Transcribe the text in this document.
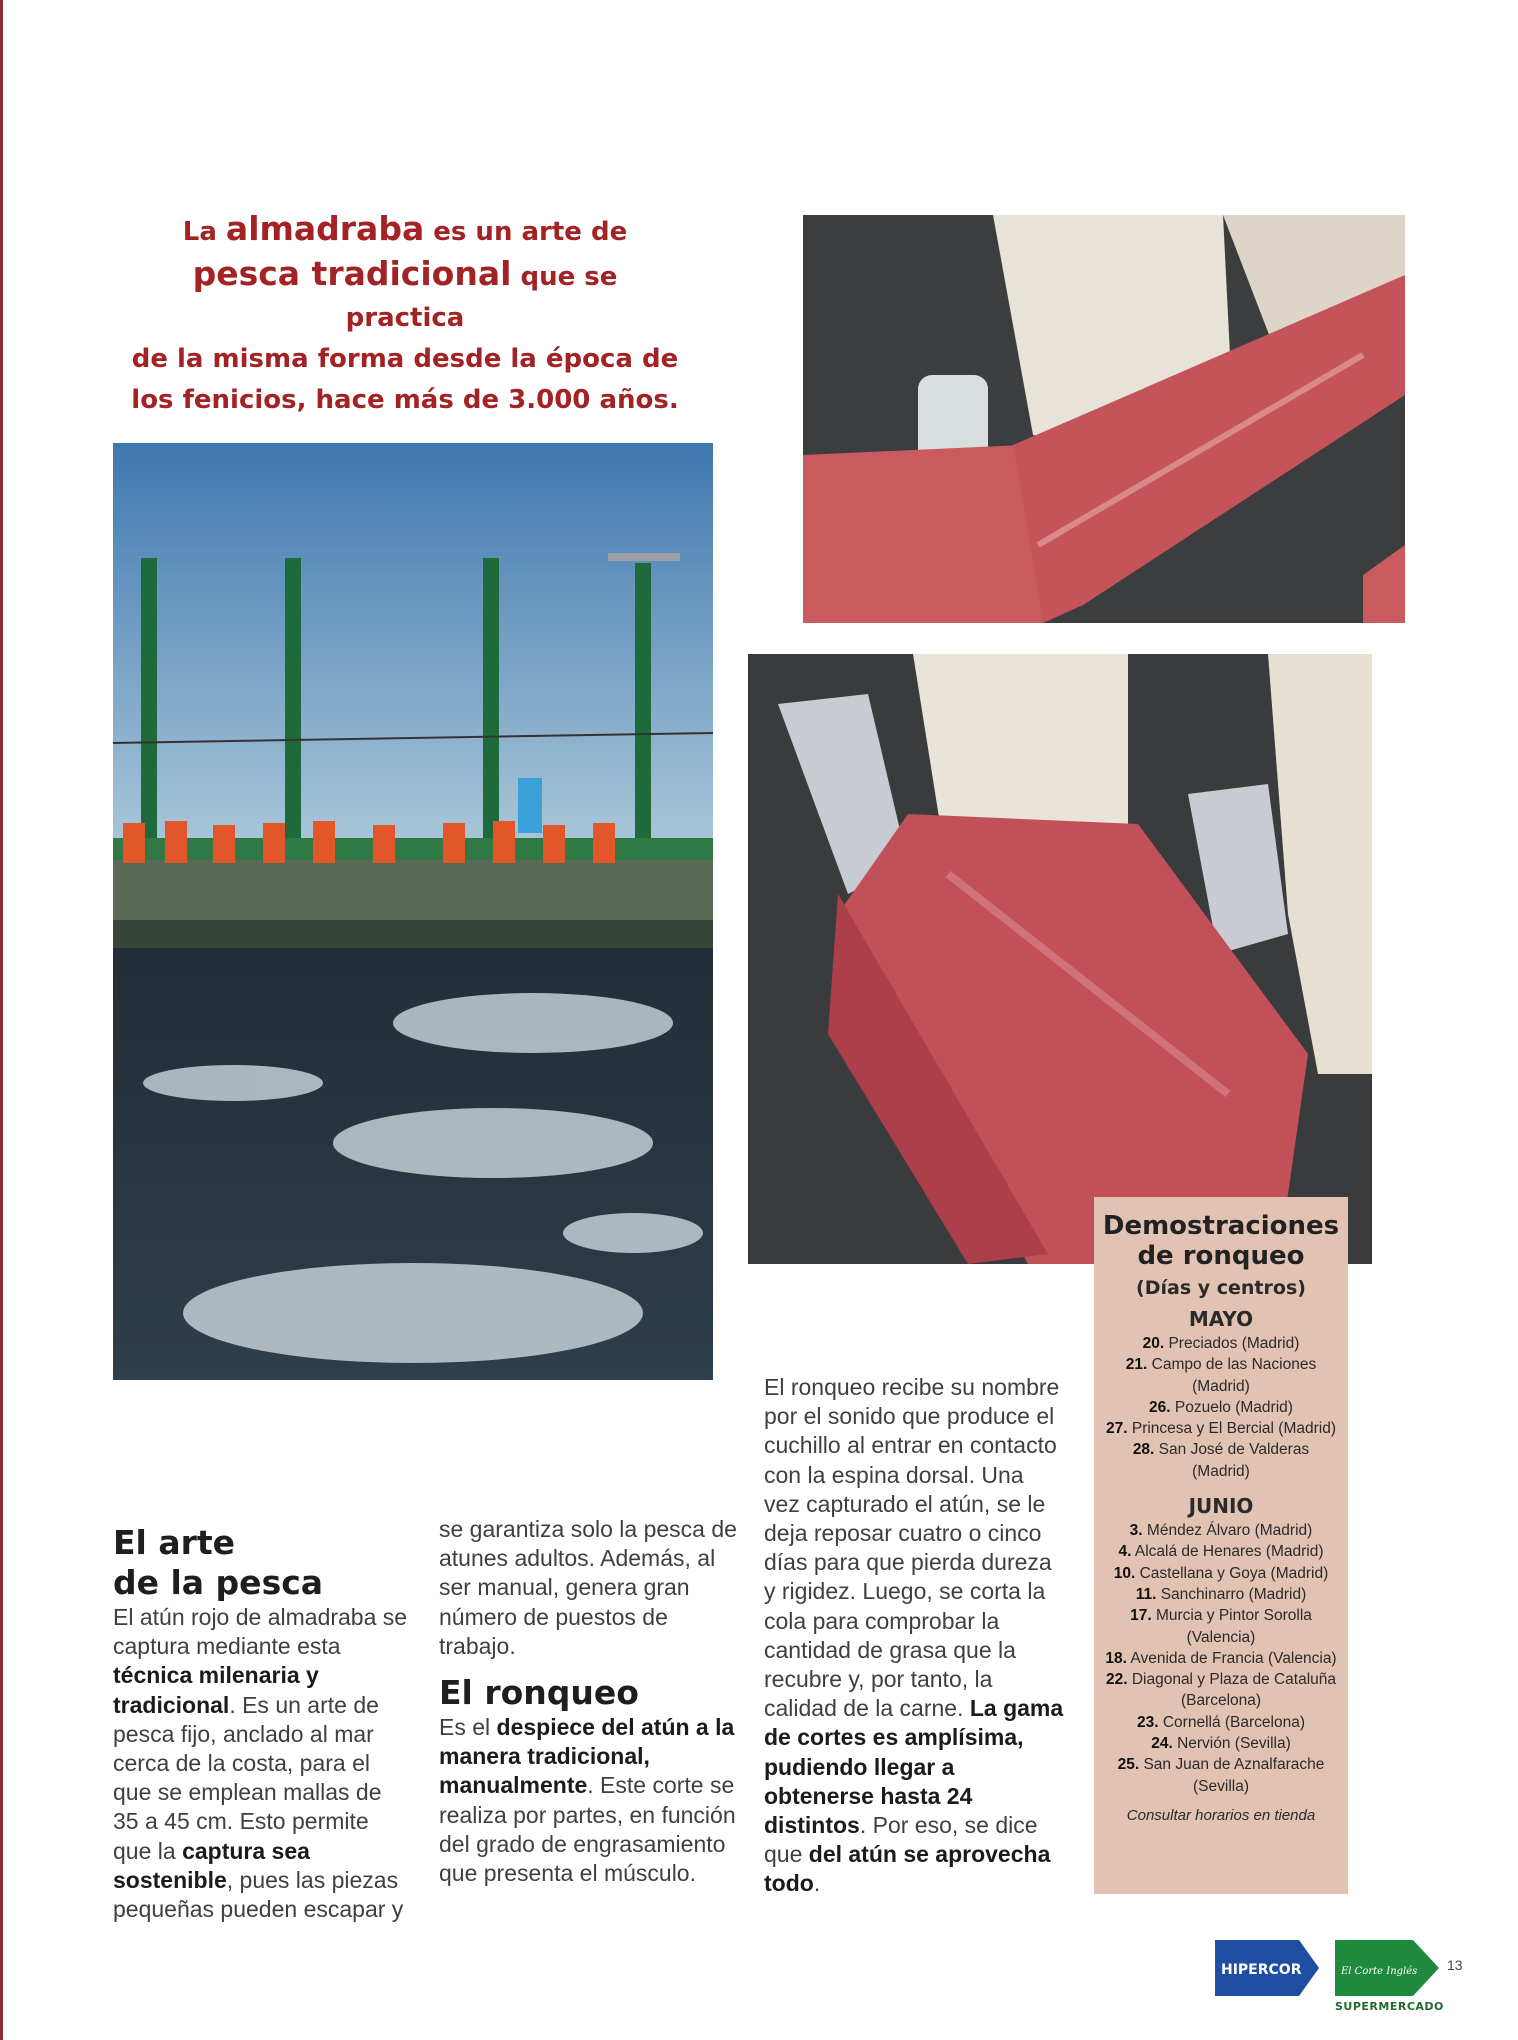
La almadraba es un arte de
pesca tradicional que se practica
de la misma forma desde la época de
los fenicios, hace más de 3.000 años.
El arte
de la pesca

El atún rojo de almadraba se captura mediante esta técnica milenaria y tradicional. Es un arte de pesca fijo, anclado al mar cerca de la costa, para el que se emplean mallas de 35 a 45 cm. Esto permite que la captura sea sostenible, pues las piezas pequeñas pueden escapar y

se garantiza solo la pesca de atunes adultos. Además, al ser manual, genera gran número de puestos de trabajo.

El ronqueo

Es el despiece del atún a la manera tradicional, manualmente. Este corte se realiza por partes, en función del grado de engrasamiento que presenta el músculo.

El ronqueo recibe su nombre por el sonido que produce el cuchillo al entrar en contacto con la espina dorsal. Una vez capturado el atún, se le deja reposar cuatro o cinco días para que pierda dureza y rigidez. Luego, se corta la cola para comprobar la cantidad de grasa que la recubre y, por tanto, la calidad de la carne. La gama de cortes es amplísima, pudiendo llegar a obtenerse hasta 24 distintos. Por eso, se dice que del atún se aprovecha todo.

Demostraciones
de ronqueo
(Días y centros)
MAYO
20. Preciados (Madrid)
21. Campo de las Naciones (Madrid)
26. Pozuelo (Madrid)
27. Princesa y El Bercial (Madrid)
28. San José de Valderas (Madrid)
JUNIO
3. Méndez Álvaro (Madrid)
4. Alcalá de Henares (Madrid)
10. Castellana y Goya (Madrid)
11. Sanchinarro (Madrid)
17. Murcia y Pintor Sorolla (Valencia)
18. Avenida de Francia (Valencia)
22. Diagonal y Plaza de Cataluña (Barcelona)
23. Cornellá (Barcelona)
24. Nervión (Sevilla)
25. San Juan de Aznalfarache (Sevilla)
Consultar horarios en tienda
HIPERCOR	El Corte Inglés
SUPERMERCADO
13
